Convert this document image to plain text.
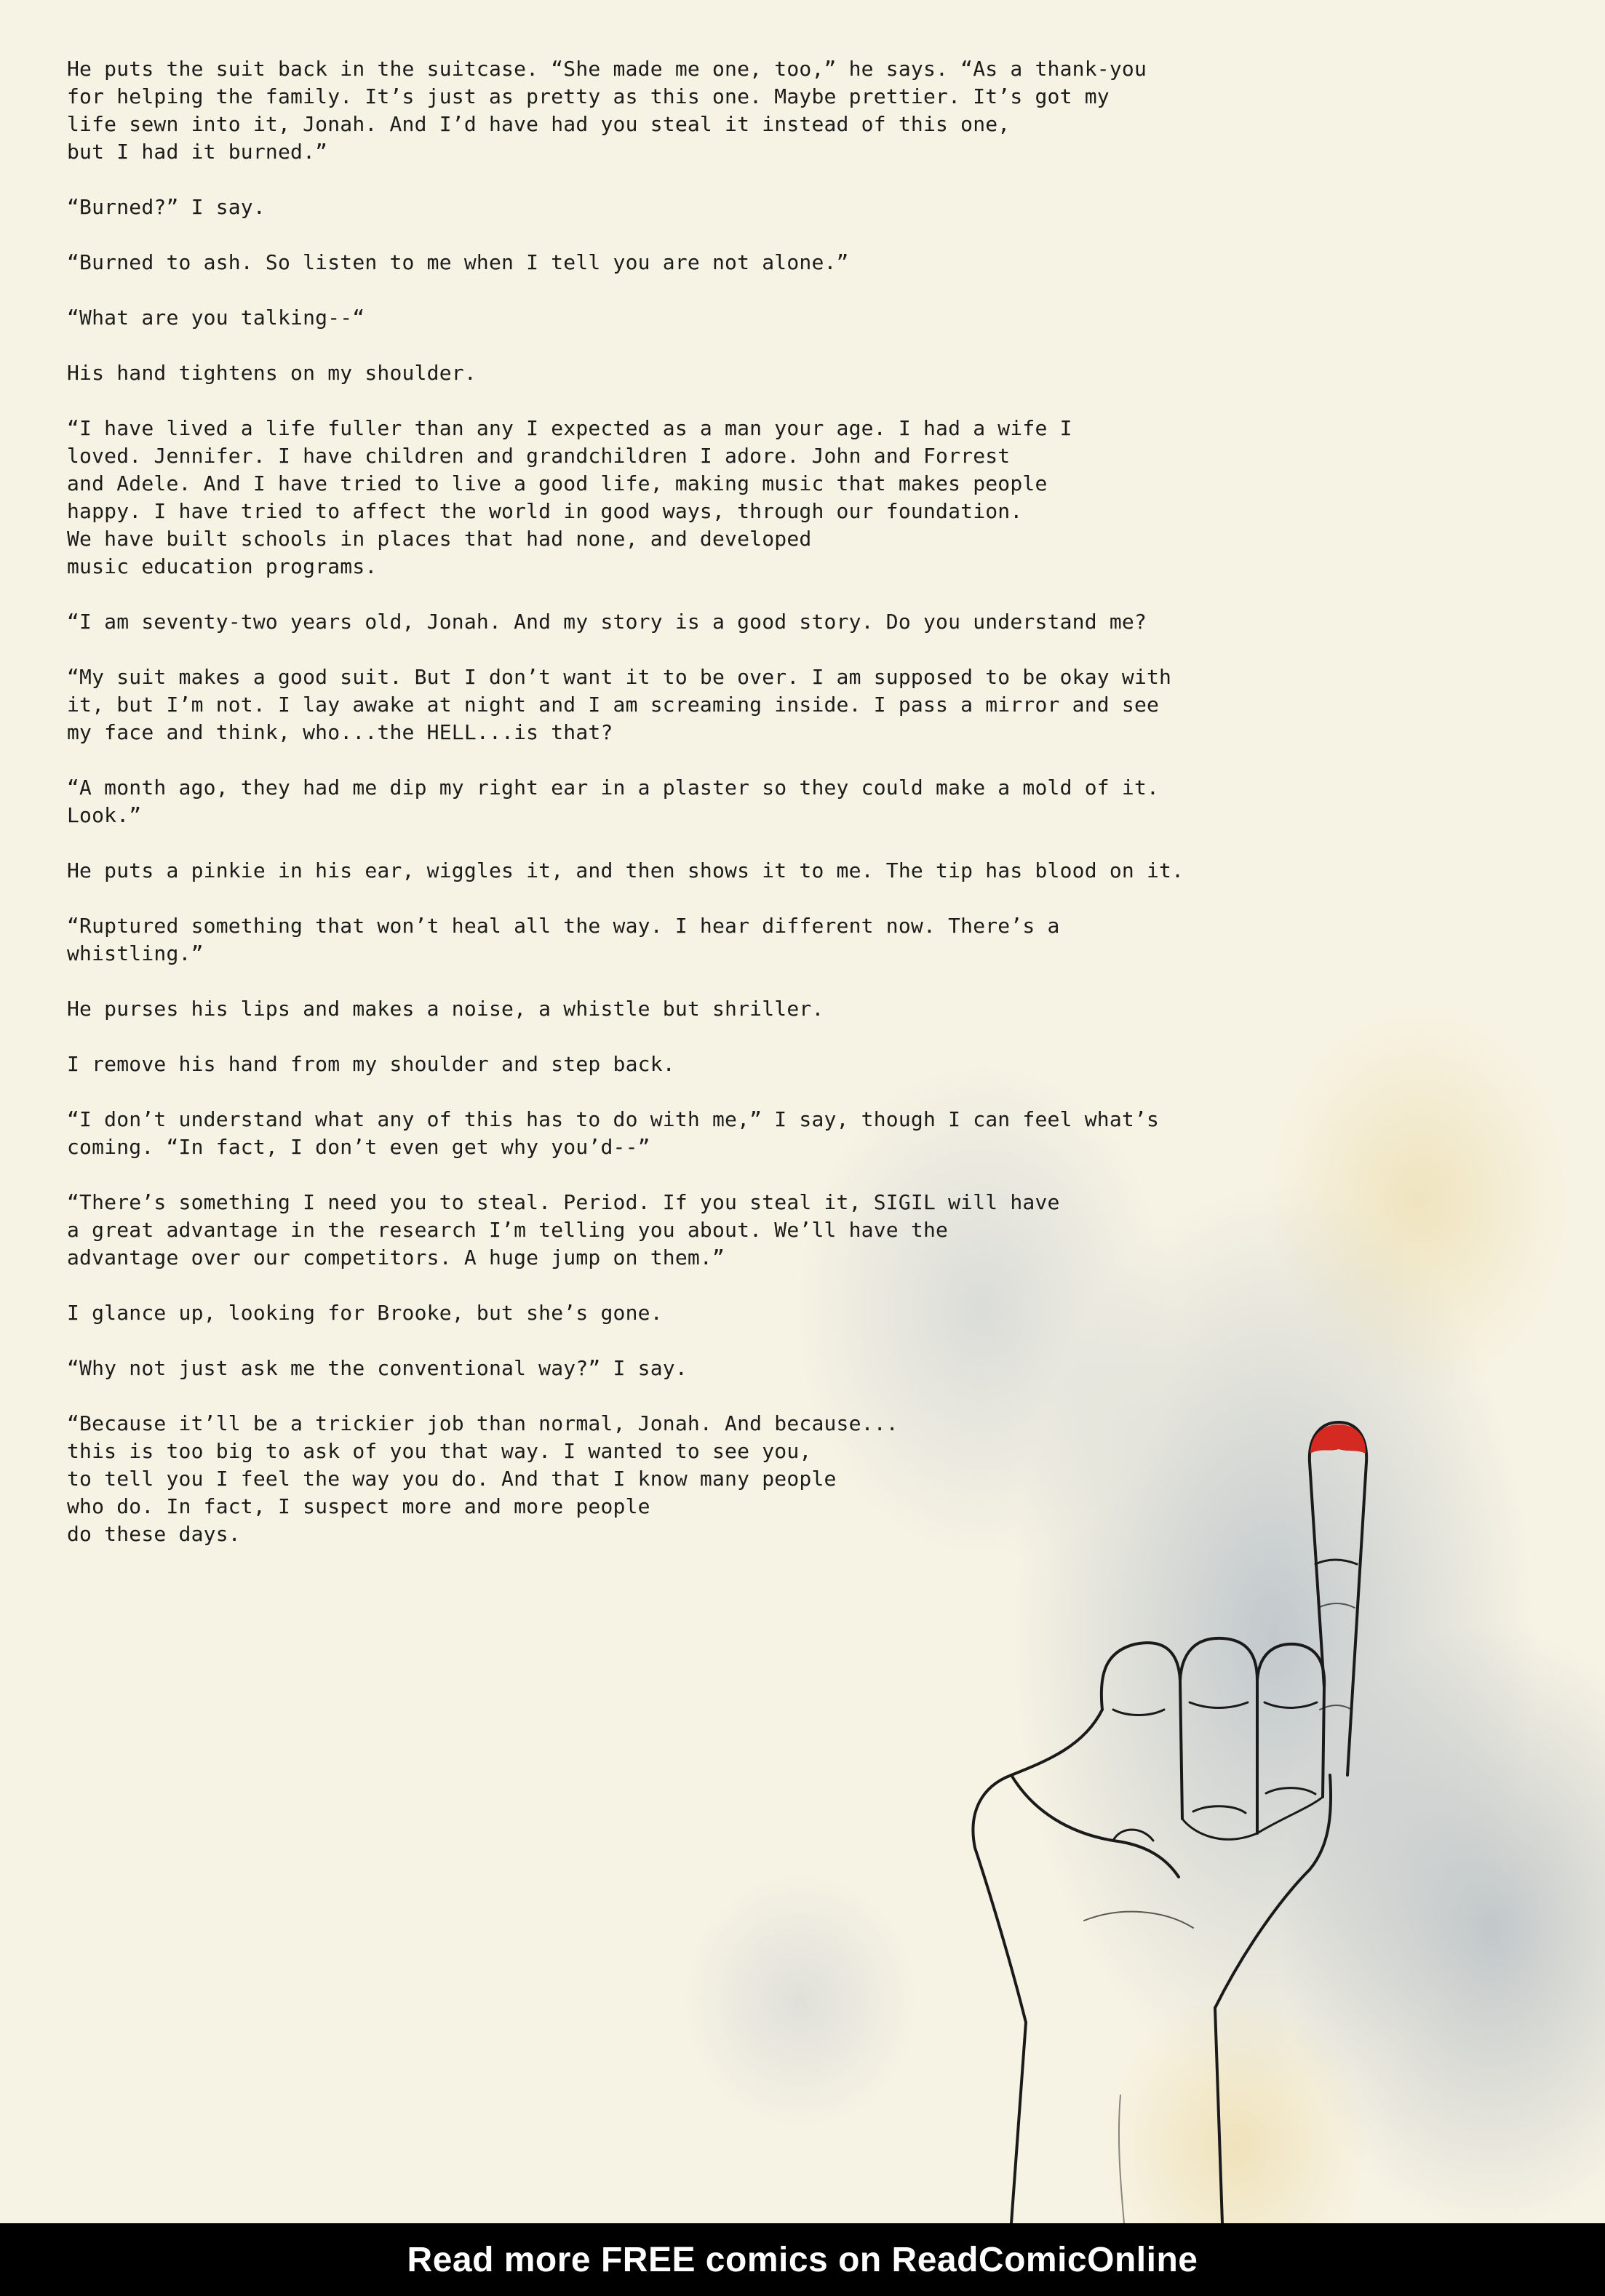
He puts the suit back in the suitcase. “She made me one, too,” he says. “As a thank-you
for helping the family. It’s just as pretty as this one. Maybe prettier. It’s got my
life sewn into it, Jonah. And I’d have had you steal it instead of this one,
but I had it burned.”

“Burned?” I say.

“Burned to ash. So listen to me when I tell you are not alone.”

“What are you talking--“

His hand tightens on my shoulder.

“I have lived a life fuller than any I expected as a man your age. I had a wife I
loved. Jennifer. I have children and grandchildren I adore. John and Forrest
and Adele. And I have tried to live a good life, making music that makes people
happy. I have tried to affect the world in good ways, through our foundation.
We have built schools in places that had none, and developed
music education programs.

“I am seventy-two years old, Jonah. And my story is a good story. Do you understand me?

“My suit makes a good suit. But I don’t want it to be over. I am supposed to be okay with
it, but I’m not. I lay awake at night and I am screaming inside. I pass a mirror and see
my face and think, who...the HELL...is that?

“A month ago, they had me dip my right ear in a plaster so they could make a mold of it.
Look.”

He puts a pinkie in his ear, wiggles it, and then shows it to me. The tip has blood on it.

“Ruptured something that won’t heal all the way. I hear different now. There’s a
whistling.”

He purses his lips and makes a noise, a whistle but shriller.

I remove his hand from my shoulder and step back.

“I don’t understand what any of this has to do with me,” I say, though I can feel what’s
coming. “In fact, I don’t even get why you’d--”

“There’s something I need you to steal. Period. If you steal it, SIGIL will have
a great advantage in the research I’m telling you about. We’ll have the
advantage over our competitors. A huge jump on them.”

I glance up, looking for Brooke, but she’s gone.

“Why not just ask me the conventional way?” I say.

“Because it’ll be a trickier job than normal, Jonah. And because...
this is too big to ask of you that way. I wanted to see you,
to tell you I feel the way you do. And that I know many people
who do. In fact, I suspect more and more people
do these days.

Read more FREE comics on ReadComicOnline
